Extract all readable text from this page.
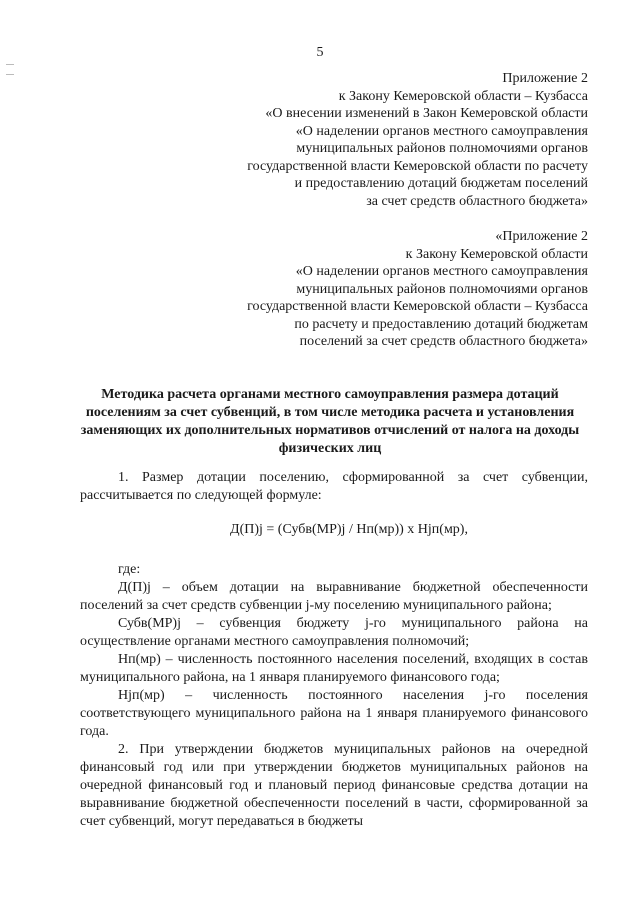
5
Приложение 2
к Закону Кемеровской области – Кузбасса
«О внесении изменений в Закон Кемеровской области
«О наделении органов местного самоуправления
муниципальных районов полномочиями органов
государственной власти Кемеровской области по расчету
и предоставлению дотаций бюджетам поселений
за счет средств областного бюджета»
«Приложение 2
к Закону Кемеровской области
«О наделении органов местного самоуправления
муниципальных районов полномочиями органов
государственной власти Кемеровской области – Кузбасса
по расчету и предоставлению дотаций бюджетам
поселений за счет средств областного бюджета»
Методика расчета органами местного самоуправления размера дотаций поселениям за счет субвенций, в том числе методика расчета и установления заменяющих их дополнительных нормативов отчислений от налога на доходы физических лиц

1. Размер дотации поселению, сформированной за счет субвенции, рассчитывается по следующей формуле:

Д(П)j = (Субв(МР)j / Нп(мр)) х Нjп(мр),

где:

Д(П)j – объем дотации на выравнивание бюджетной обеспеченности поселений за счет средств субвенции j-му поселению муниципального района;

Субв(МР)j – субвенция бюджету j-го муниципального района на осуществление органами местного самоуправления полномочий;

Нп(мр) – численность постоянного населения поселений, входящих в состав муниципального района, на 1 января планируемого финансового года;

Нjп(мр) – численность постоянного населения j-го поселения соответствующего муниципального района на 1 января планируемого финансового года.

2. При утверждении бюджетов муниципальных районов на очередной финансовый год или при утверждении бюджетов муниципальных районов на очередной финансовый год и плановый период финансовые средства дотации на выравнивание бюджетной обеспеченности поселений в части, сформированной за счет субвенций, могут передаваться в бюджеты
